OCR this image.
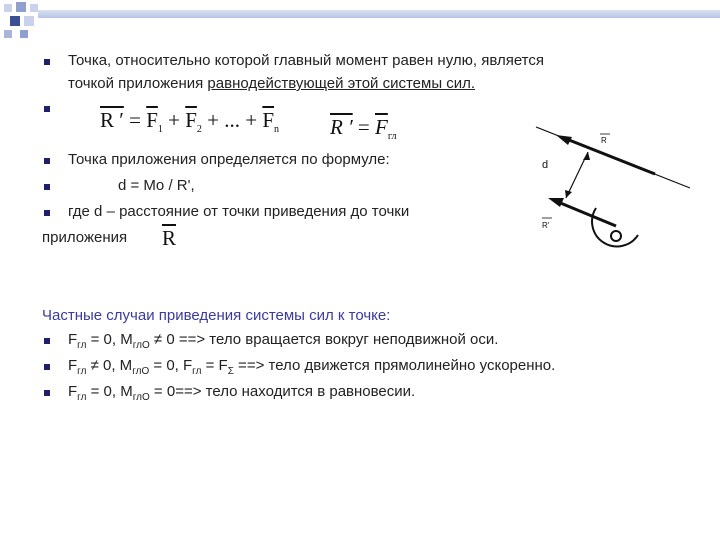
Точка, относительно которой главный момент равен нулю, является
точкой приложения равнодействующей этой системы сил.
R ′ = $\overline{F}_1 + \overline{F}_2$ + ... + $\overline{F}_n$ R ′ = $\overline{F}_{гл}$
Точка приложения определяется по формуле:
d = Mo / R',
где d – расстояние от точки приведения до точки
приложения $\overline{R}$
R
d
R'
Частные случаи приведения системы сил к точке:
$F_{гл} = 0$, $M_{глO} \ne 0$ ==> тело вращается вокруг неподвижной оси.
$F_{гл} \ne 0$, $M_{глO} = 0$, $F_{гл} = F_\Sigma$ ==> тело движется прямолинейно ускоренно.
$F_{гл} = 0$, $M_{глO} = 0==>$ тело находится в равновесии.
